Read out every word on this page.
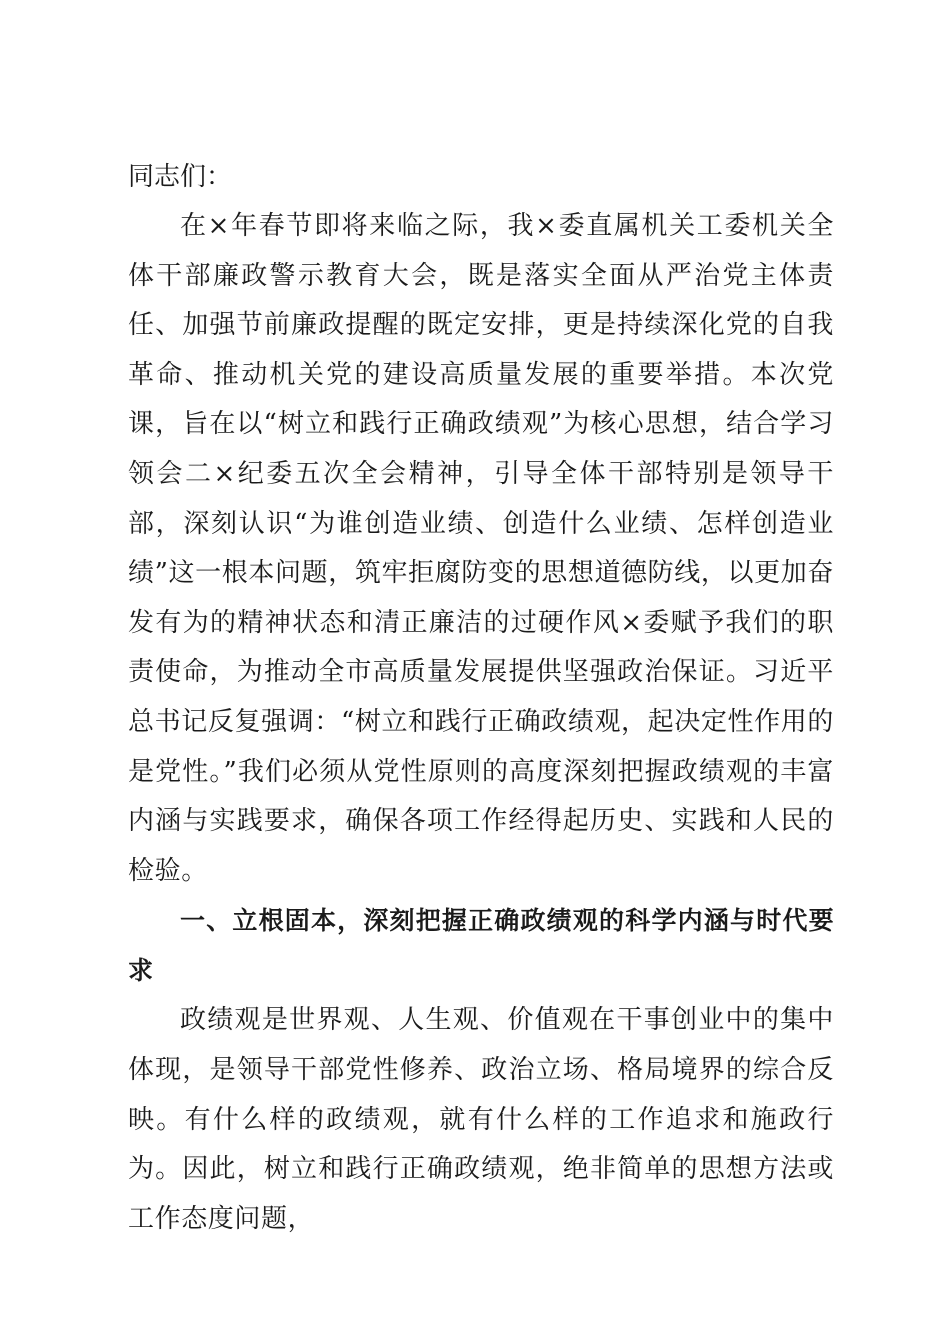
同志们：

在×年春节即将来临之际，我×委直属机关工委机关全体干部廉政警示教育大会，既是落实全面从严治党主体责任、加强节前廉政提醒的既定安排，更是持续深化党的自我革命、推动机关党的建设高质量发展的重要举措。本次党课，旨在以“树立和践行正确政绩观”为核心思想，结合学习领会二×纪委五次全会精神，引导全体干部特别是领导干部，深刻认识“为谁创造业绩、创造什么业绩、怎样创造业绩”这一根本问题，筑牢拒腐防变的思想道德防线，以更加奋发有为的精神状态和清正廉洁的过硬作风×委赋予我们的职责使命，为推动全市高质量发展提供坚强政治保证。习近平总书记反复强调：“树立和践行正确政绩观，起决定性作用的是党性。”我们必须从党性原则的高度深刻把握政绩观的丰富内涵与实践要求，确保各项工作经得起历史、实践和人民的检验。

一、立根固本，深刻把握正确政绩观的科学内涵与时代要求

政绩观是世界观、人生观、价值观在干事创业中的集中体现，是领导干部党性修养、政治立场、格局境界的综合反映。有什么样的政绩观，就有什么样的工作追求和施政行为。因此，树立和践行正确政绩观，绝非简单的思想方法或工作态度问题，
